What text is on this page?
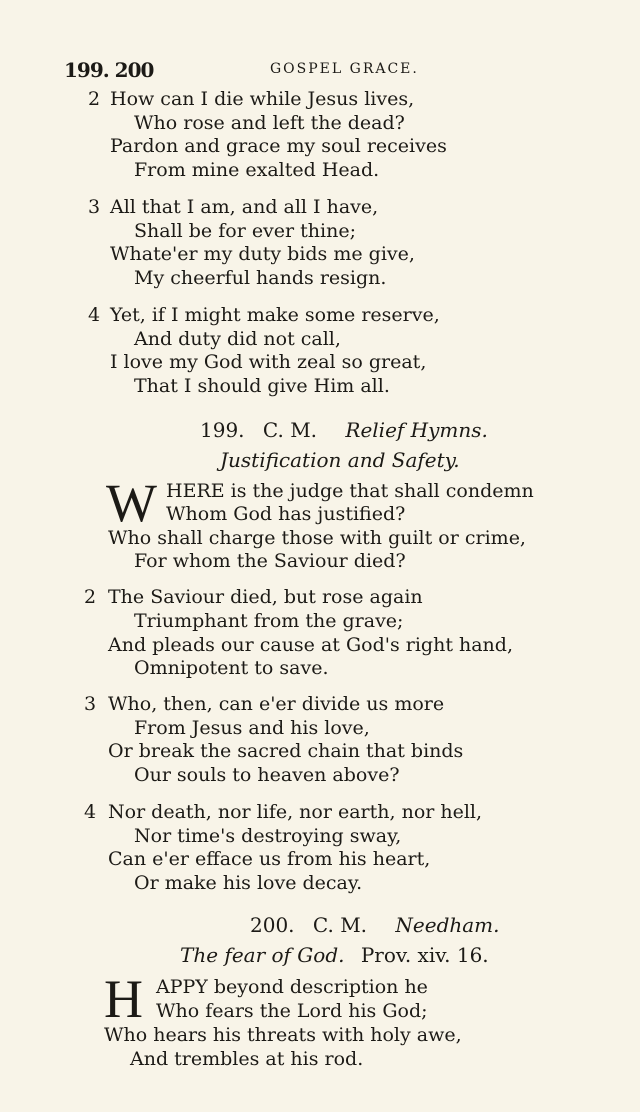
199. 200	GOSPEL GRACE.
2 How can I die while Jesus lives,
Who rose and left the dead?
Pardon and grace my soul receives
From mine exalted Head.
3 All that I am, and all I have,
Shall be for ever thine;
Whate'er my duty bids me give,
My cheerful hands resign.
4 Yet, if I might make some reserve,
And duty did not call,
I love my God with zeal so great,
That I should give Him all.
199. C. M. Relief Hymns.
Justification and Safety.
W HERE is the judge that shall condemn
Whom God has justified?
Who shall charge those with guilt or crime,
For whom the Saviour died?
2 The Saviour died, but rose again
Triumphant from the grave;
And pleads our cause at God's right hand,
Omnipotent to save.
3 Who, then, can e'er divide us more
From Jesus and his love,
Or break the sacred chain that binds
Our souls to heaven above?
4 Nor death, nor life, nor earth, nor hell,
Nor time's destroying sway,
Can e'er efface us from his heart,
Or make his love decay.
200. C. M. Needham.
The fear of God. Prov. xiv. 16.
H APPY beyond description he
Who fears the Lord his God;
Who hears his threats with holy awe,
And trembles at his rod.
